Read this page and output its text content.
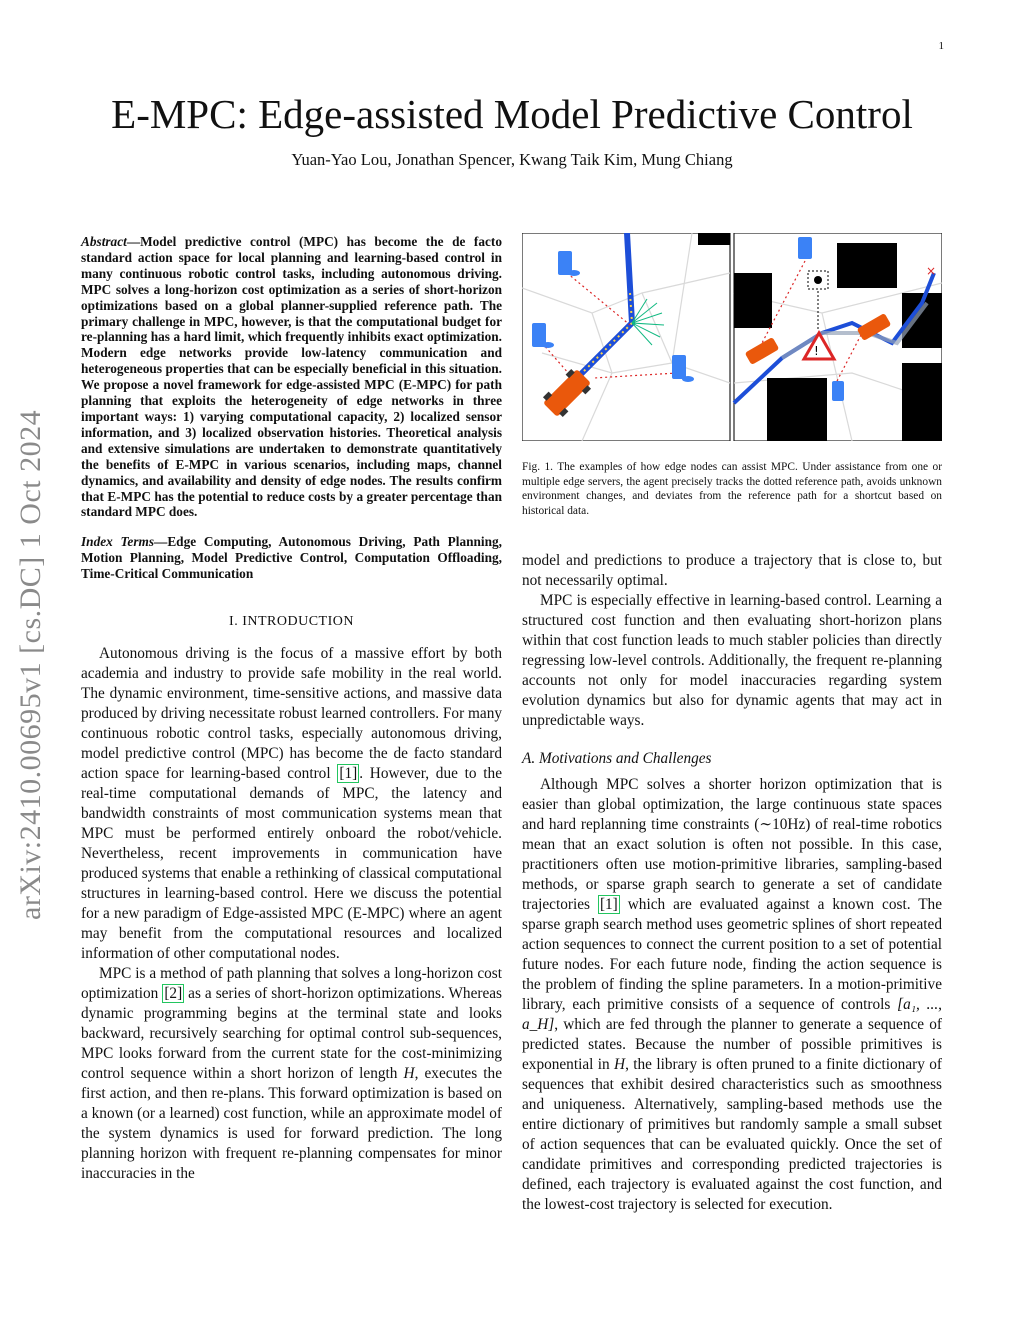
1
arXiv:2410.00695v1 [cs.DC] 1 Oct 2024
E-MPC: Edge-assisted Model Predictive Control
Yuan-Yao Lou, Jonathan Spencer, Kwang Taik Kim, Mung Chiang
Abstract—Model predictive control (MPC) has become the de facto standard action space for local planning and learning-based control in many continuous robotic control tasks, including autonomous driving. MPC solves a long-horizon cost optimization as a series of short-horizon optimizations based on a global planner-supplied reference path. The primary challenge in MPC, however, is that the computational budget for re-planning has a hard limit, which frequently inhibits exact optimization. Modern edge networks provide low-latency communication and heterogeneous properties that can be especially beneficial in this situation. We propose a novel framework for edge-assisted MPC (E-MPC) for path planning that exploits the heterogeneity of edge networks in three important ways: 1) varying computational capacity, 2) localized sensor information, and 3) localized observation histories. Theoretical analysis and extensive simulations are undertaken to demonstrate quantitatively the benefits of E-MPC in various scenarios, including maps, channel dynamics, and availability and density of edge nodes. The results confirm that E-MPC has the potential to reduce costs by a greater percentage than standard MPC does.
Index Terms—Edge Computing, Autonomous Driving, Path Planning, Motion Planning, Model Predictive Control, Computation Offloading, Time-Critical Communication
I. INTRODUCTION

Autonomous driving is the focus of a massive effort by both academia and industry to provide safe mobility in the real world. The dynamic environment, time-sensitive actions, and massive data produced by driving necessitate robust learned controllers. For many continuous robotic control tasks, especially autonomous driving, model predictive control (MPC) has become the de facto standard action space for learning-based control [1] . However, due to the real-time computational demands of MPC, the latency and bandwidth constraints of most communication systems mean that MPC must be performed entirely onboard the robot/vehicle. Nevertheless, recent improvements in communication have produced systems that enable a rethinking of classical computational structures in learning-based control. Here we discuss the potential for a new paradigm of Edge-assisted MPC (E-MPC) where an agent may benefit from the computational resources and localized information of other computational nodes.

MPC is a method of path planning that solves a long-horizon cost optimization [2] as a series of short-horizon optimizations. Whereas dynamic programming begins at the terminal state and looks backward, recursively searching for optimal control sub-sequences, MPC looks forward from the current state for the cost-minimizing control sequence within a short horizon of length H, executes the first action, and then re-plans. This forward optimization is based on a known (or a learned) cost function, while an approximate model of the system dynamics is used for forward prediction. The long planning horizon with frequent re-planning compensates for minor inaccuracies in the

×
!
Fig. 1. The examples of how edge nodes can assist MPC. Under assistance from one or multiple edge servers, the agent precisely tracks the dotted reference path, avoids unknown environment changes, and deviates from the reference path for a shortcut based on historical data.

model and predictions to produce a trajectory that is close to, but not necessarily optimal.

MPC is especially effective in learning-based control. Learning a structured cost function and then evaluating short-horizon plans within that cost function leads to much stabler policies than directly regressing low-level controls. Additionally, the frequent re-planning accounts not only for model inaccuracies regarding system evolution dynamics but also for dynamic agents that may act in unpredictable ways.

A. Motivations and Challenges

Although MPC solves a shorter horizon optimization that is easier than global optimization, the large continuous state spaces and hard replanning time constraints (∼10Hz) of real-time robotics mean that an exact solution is often not possible. In this case, practitioners often use motion-primitive libraries, sampling-based methods, or sparse graph search to generate a set of candidate trajectories [1] which are evaluated against a known cost. The sparse graph search method uses geometric splines of short repeated action sequences to connect the current position to a set of potential future nodes. For each future node, finding the action sequence is the problem of finding the spline parameters. In a motion-primitive library, each primitive consists of a sequence of controls [a₁, ..., a_H], which are fed through the planner to generate a sequence of predicted states. Because the number of possible primitives is exponential in H, the library is often pruned to a finite dictionary of sequences that exhibit desired characteristics such as smoothness and uniqueness. Alternatively, sampling-based methods use the entire dictionary of primitives but randomly sample a small subset of action sequences that can be evaluated quickly. Once the set of candidate primitives and corresponding predicted trajectories is defined, each trajectory is evaluated against the cost function, and the lowest-cost trajectory is selected for execution.
